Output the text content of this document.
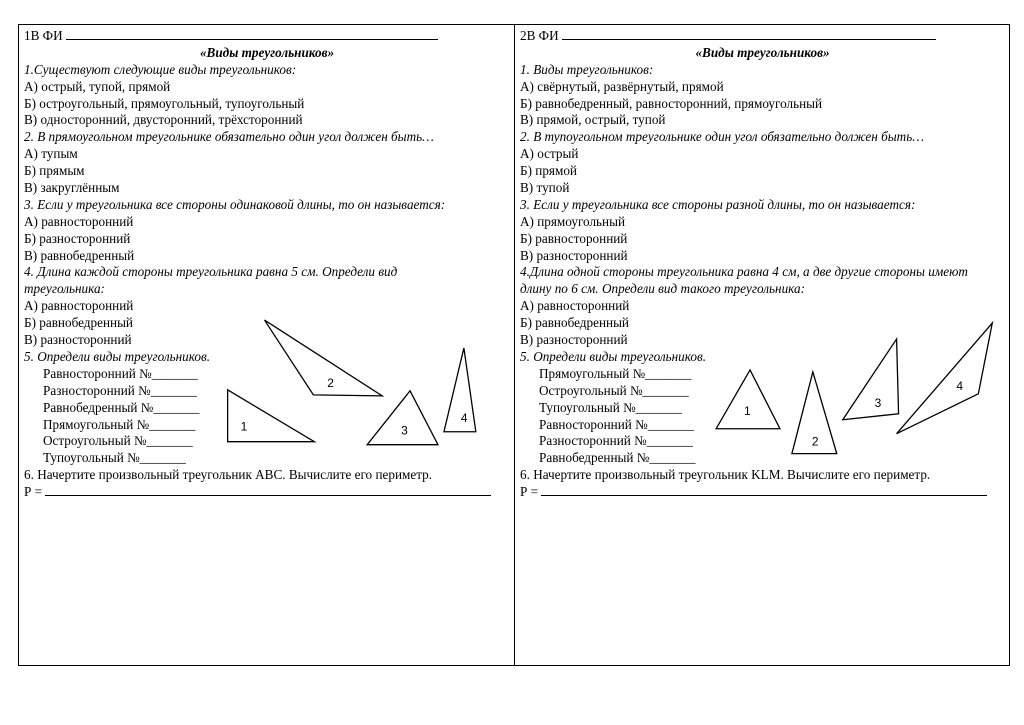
1В ФИ
«Виды треугольников»
1.Существуют следующие виды треугольников:
А) острый, тупой, прямой
Б) остроугольный, прямоугольный, тупоугольный
В) односторонний, двусторонний, трёхсторонний
2. В прямоугольном треугольнике обязательно один угол должен быть…
А) тупым
Б) прямым
В) закруглённым
3. Если у треугольника все стороны одинаковой длины, то он называется:
А) равносторонний
Б) разносторонний
В) равнобедренный
4. Длина каждой стороны треугольника равна 5 см. Определи вид треугольника:
А) равносторонний
Б) равнобедренный
В) разносторонний
5. Определи виды треугольников.
Равносторонний №_______
Разносторонний №_______
Равнобедренный №_______
Прямоугольный №_______
Остроугольный №_______
Тупоугольный №_______
6. Начертите произвольный треугольник АВС. Вычислите его периметр.
Р =
1
2
3
4
2В ФИ
«Виды треугольников»
1. Виды треугольников:
А) свёрнутый, развёрнутый, прямой
Б) равнобедренный, равносторонний, прямоугольный
В) прямой, острый, тупой
2. В тупоугольном треугольнике один угол обязательно должен быть…
А) острый
Б) прямой
В) тупой
3. Если у треугольника все стороны разной длины, то он называется:
А) прямоугольный
Б) равносторонний
В) разносторонний
4.Длина одной стороны треугольника равна 4 см, а две другие стороны имеют длину по 6 см. Определи вид такого треугольника:
А) равносторонний
Б) равнобедренный
В) разносторонний
5. Определи виды треугольников.
Прямоугольный №_______
Остроугольный №_______
Тупоугольный №_______
Равносторонний №_______
Разносторонний №_______
Равнобедренный №_______
6. Начертите произвольный треугольник KLM. Вычислите его периметр.
Р =
1
2
3
4
